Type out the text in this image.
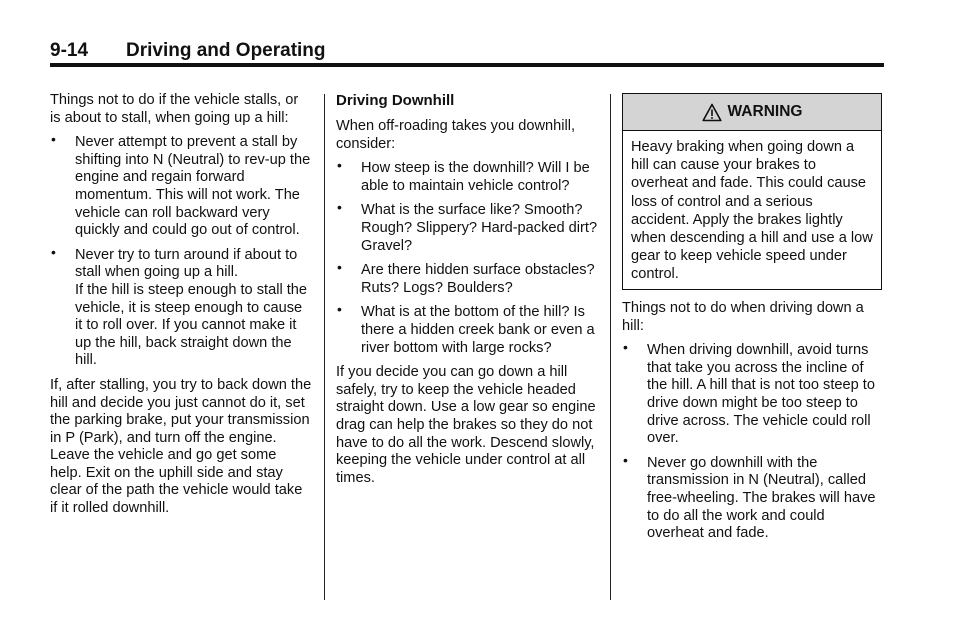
9-14 Driving and Operating

Things not to do if the vehicle stalls, or is about to stall, when going up a hill:

• Never attempt to prevent a stall by shifting into N (Neutral) to rev-up the engine and regain forward momentum. This will not work. The vehicle can roll backward very quickly and could go out of control.
• Never try to turn around if about to stall when going up a hill.
If the hill is steep enough to stall the vehicle, it is steep enough to cause it to roll over. If you cannot make it up the hill, back straight down the hill.

If, after stalling, you try to back down the hill and decide you just cannot do it, set the parking brake, put your transmission in P (Park), and turn off the engine. Leave the vehicle and go get some help. Exit on the uphill side and stay clear of the path the vehicle would take if it rolled downhill.

Driving Downhill

When off-roading takes you downhill, consider:

• How steep is the downhill? Will I be able to maintain vehicle control?
• What is the surface like? Smooth? Rough? Slippery? Hard-packed dirt? Gravel?
• Are there hidden surface obstacles? Ruts? Logs? Boulders?
• What is at the bottom of the hill? Is there a hidden creek bank or even a river bottom with large rocks?

If you decide you can go down a hill safely, try to keep the vehicle headed straight down. Use a low gear so engine drag can help the brakes so they do not have to do all the work. Descend slowly, keeping the vehicle under control at all times.

WARNING
Heavy braking when going down a hill can cause your brakes to overheat and fade. This could cause loss of control and a serious accident. Apply the brakes lightly when descending a hill and use a low gear to keep vehicle speed under control.

Things not to do when driving down a hill:

• When driving downhill, avoid turns that take you across the incline of the hill. A hill that is not too steep to drive down might be too steep to drive across. The vehicle could roll over.
• Never go downhill with the transmission in N (Neutral), called free-wheeling. The brakes will have to do all the work and could overheat and fade.
